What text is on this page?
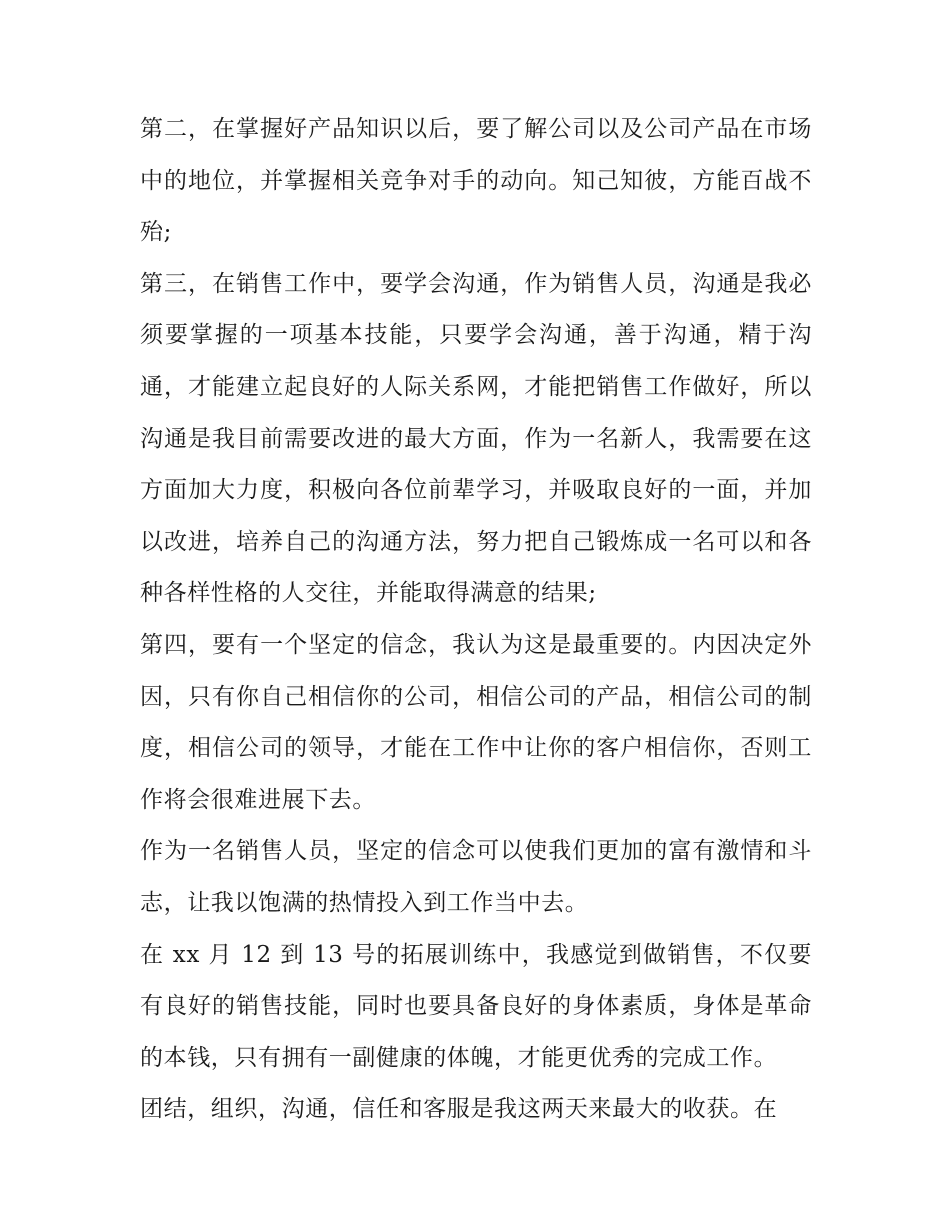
第二，在掌握好产品知识以后，要了解公司以及公司产品在市场中的地位，并掌握相关竞争对手的动向。知己知彼，方能百战不殆;

第三，在销售工作中，要学会沟通，作为销售人员，沟通是我必须要掌握的一项基本技能，只要学会沟通，善于沟通，精于沟通，才能建立起良好的人际关系网，才能把销售工作做好，所以沟通是我目前需要改进的最大方面，作为一名新人，我需要在这方面加大力度，积极向各位前辈学习，并吸取良好的一面，并加以改进，培养自己的沟通方法，努力把自己锻炼成一名可以和各种各样性格的人交往，并能取得满意的结果;

第四，要有一个坚定的信念，我认为这是最重要的。内因决定外因，只有你自己相信你的公司，相信公司的产品，相信公司的制度，相信公司的领导，才能在工作中让你的客户相信你，否则工作将会很难进展下去。

作为一名销售人员，坚定的信念可以使我们更加的富有激情和斗志，让我以饱满的热情投入到工作当中去。

在 xx 月 12 到 13 号的拓展训练中，我感觉到做销售，不仅要有良好的销售技能，同时也要具备良好的身体素质，身体是革命的本钱，只有拥有一副健康的体魄，才能更优秀的完成工作。

团结，组织，沟通，信任和客服是我这两天来最大的收获。在
